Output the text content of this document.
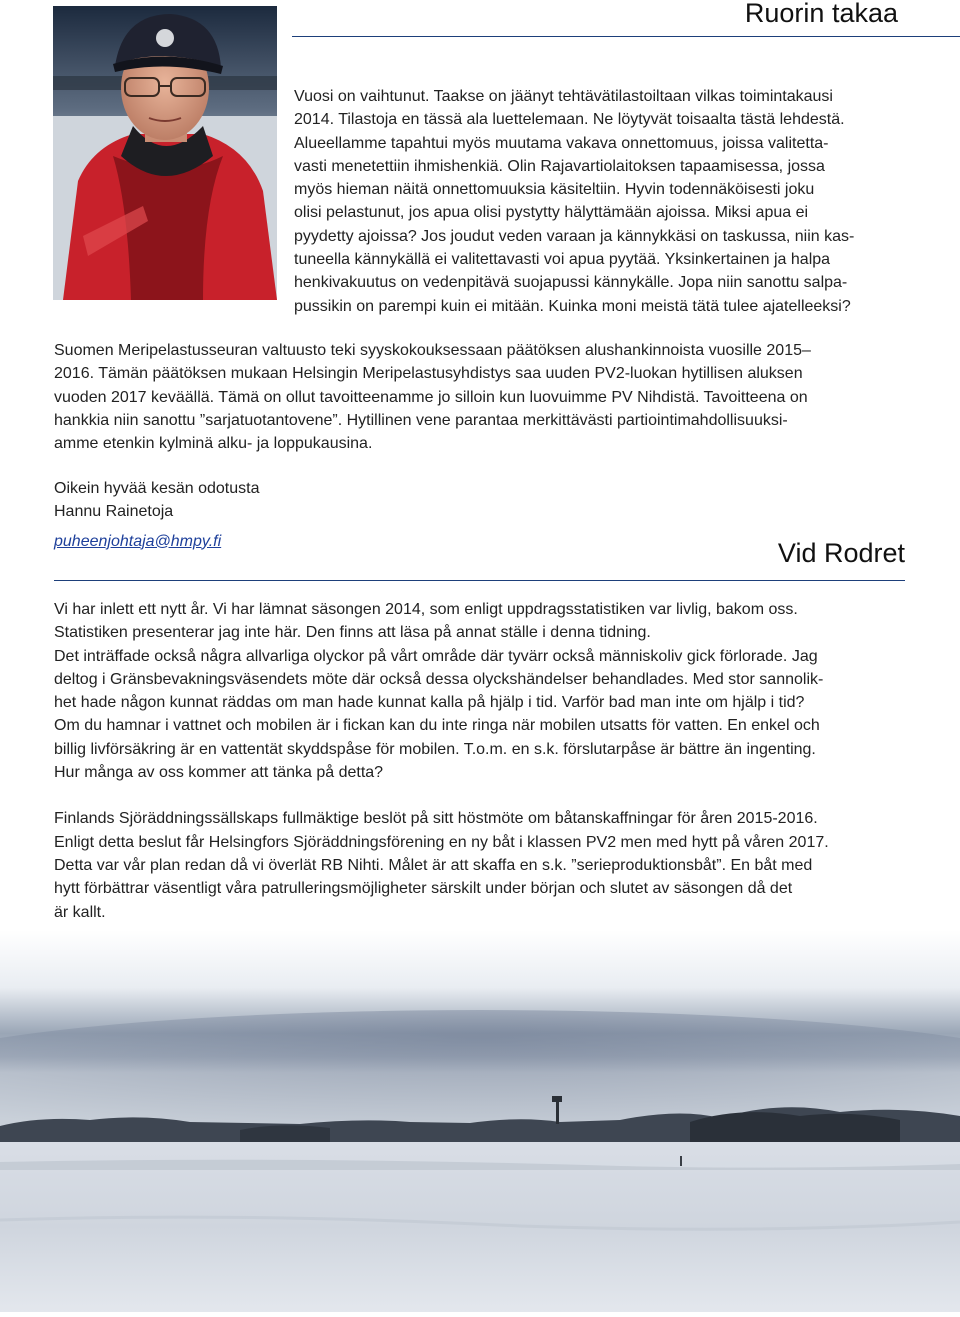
Ruorin takaa

Vuosi on vaihtunut. Taakse on jäänyt tehtävätilastoiltaan vilkas toimintakausi

2014. Tilastoja en tässä ala luettelemaan. Ne löytyvät toisaalta tästä lehdestä.

Alueellamme tapahtui myös muutama vakava onnettomuus, joissa valitetta-

vasti menetettiin ihmishenkiä. Olin Rajavartiolaitoksen tapaamisessa, jossa

myös hieman näitä onnettomuuksia käsiteltiin. Hyvin todennäköisesti joku

olisi pelastunut, jos apua olisi pystytty hälyttämään ajoissa. Miksi apua ei

pyydetty ajoissa? Jos joudut veden varaan ja kännykkäsi on taskussa, niin kas-

tuneella kännykällä ei valitettavasti voi apua pyytää. Yksinkertainen ja halpa

henkivakuutus on vedenpitävä suojapussi kännykälle. Jopa niin sanottu salpa-

pussikin on parempi kuin ei mitään. Kuinka moni meistä tätä tulee ajatelleeksi?

Suomen Meripelastusseuran valtuusto teki syyskokouksessaan päätöksen alushankinnoista vuosille 2015–

2016. Tämän päätöksen mukaan Helsingin Meripelastusyhdistys saa uuden PV2-luokan hytillisen aluksen

vuoden 2017 keväällä. Tämä on ollut tavoitteenamme jo silloin kun luovuimme PV Nihdistä. Tavoitteena on

hankkia niin sanottu ”sarjatuotantovene”. Hytillinen vene parantaa merkittävästi partiointimahdollisuuksi-

amme etenkin kylminä alku- ja loppukausina.

Oikein hyvää kesän odotusta

Hannu Rainetoja

puheenjohtaja@hmpy.fi	Vid Rodret

Vi har inlett ett nytt år. Vi har lämnat säsongen 2014, som enligt uppdragsstatistiken var livlig, bakom oss.

Statistiken presenterar jag inte här. Den finns att läsa på annat ställe i denna tidning.

Det inträffade också några allvarliga olyckor på vårt område där tyvärr också människoliv gick förlorade. Jag

deltog i Gränsbevakningsväsendets möte där också dessa olyckshändelser behandlades. Med stor sannolik-

het hade någon kunnat räddas om man hade kunnat kalla på hjälp i tid. Varför bad man inte om hjälp i tid?

Om du hamnar i vattnet och mobilen är i fickan kan du inte ringa när mobilen utsatts för vatten. En enkel och

billig livförsäkring är en vattentät skyddspåse för mobilen. T.o.m. en s.k. förslutarpåse är bättre än ingenting.

Hur många av oss kommer att tänka på detta?

Finlands Sjöräddningssällskaps fullmäktige beslöt på sitt höstmöte om båtanskaffningar för åren 2015-2016.

Enligt detta beslut får Helsingfors Sjöräddningsförening en ny båt i klassen PV2 men med hytt på våren 2017.

Detta var vår plan redan då vi överlät RB Nihti. Målet är att skaffa en s.k. ”serieproduktionsbåt”. En båt med

hytt förbättrar väsentligt våra patrulleringsmöjligheter särskilt under början och slutet av säsongen då det

är kallt.
